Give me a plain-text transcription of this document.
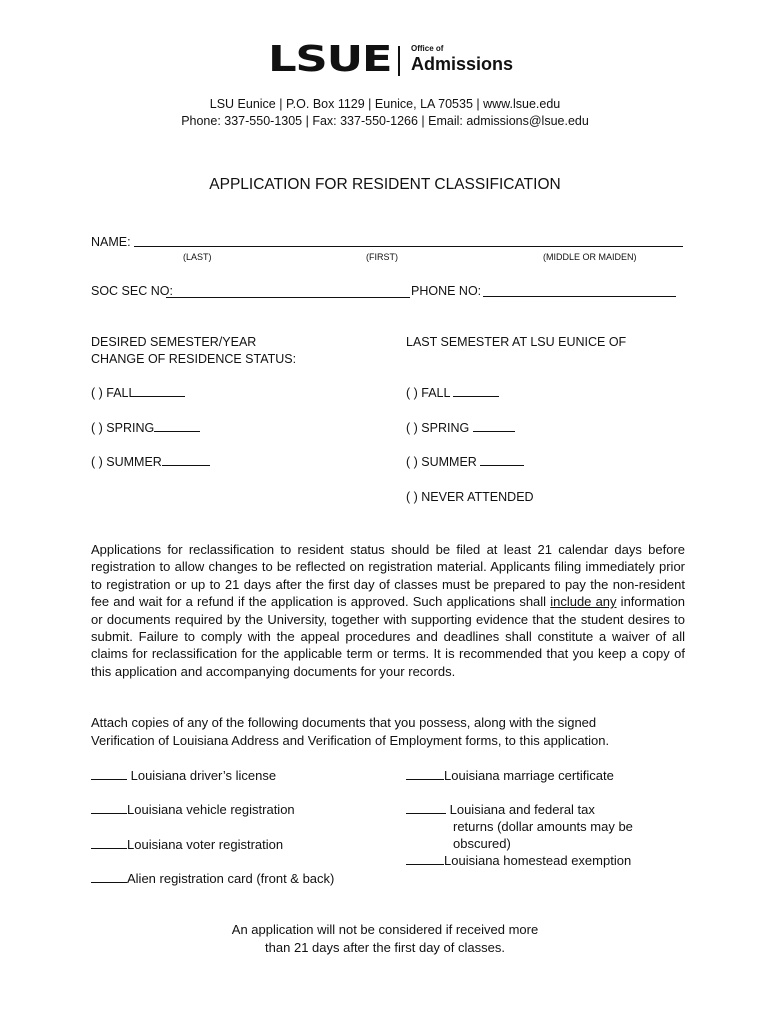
LSUE Office of
Admissions
LSU Eunice | P.O. Box 1129 | Eunice, LA 70535 | www.lsue.edu
Phone: 337-550-1305 | Fax: 337-550-1266 | Email: admissions@lsue.edu
APPLICATION FOR RESIDENT CLASSIFICATION
NAME:
(LAST)	(FIRST)	(MIDDLE OR MAIDEN)
SOC SEC NO:	PHONE NO:
DESIRED SEMESTER/YEAR
CHANGE OF RESIDENCE STATUS:
LAST SEMESTER AT LSU EUNICE OF
( ) FALL
( ) SPRING
( ) SUMMER
( ) FALL
( ) SPRING
( ) SUMMER
( ) NEVER ATTENDED
Applications for reclassification to resident status should be filed at least 21 calendar days before registration to allow changes to be reflected on registration material. Applicants filing immediately prior to registration or up to 21 days after the first day of classes must be prepared to pay the non-resident fee and wait for a refund if the application is approved. Such applications shall include any information or documents required by the University, together with supporting evidence that the student desires to submit. Failure to comply with the appeal procedures and deadlines shall constitute a waiver of all claims for reclassification for the applicable term or terms. It is recommended that you keep a copy of this application and accompanying documents for your records.
Attach copies of any of the following documents that you possess, along with the signed
Verification of Louisiana Address and Verification of Employment forms, to this application.
Louisiana driver’s license
Louisiana vehicle registration
Louisiana voter registration
Alien registration card (front & back)
Louisiana marriage certificate
Louisiana and federal tax
returns (dollar amounts may be
obscured)
Louisiana homestead exemption
An application will not be considered if received more
than 21 days after the first day of classes.
